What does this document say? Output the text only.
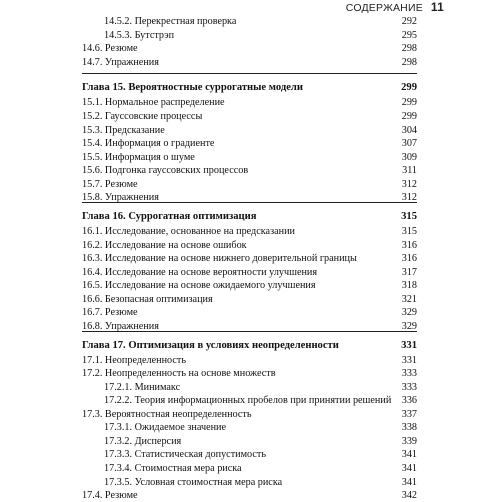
СОДЕРЖАНИЕ 11
14.5.2. Перекрестная проверка	292
14.5.3. Бутстрэп	295
14.6. Резюме	298
14.7. Упражнения	298
Глава 15. Вероятностные суррогатные модели	299
15.1. Нормальное распределение	299
15.2. Гауссовские процессы	299
15.3. Предсказание	304
15.4. Информация о градиенте	307
15.5. Информация о шуме	309
15.6. Подгонка гауссовских процессов	311
15.7. Резюме	312
15.8. Упражнения	312
Глава 16. Суррогатная оптимизация	315
16.1. Исследование, основанное на предсказании	315
16.2. Исследование на основе ошибок	316
16.3. Исследование на основе нижнего доверительной границы	316
16.4. Исследование на основе вероятности улучшения	317
16.5. Исследование на основе ожидаемого улучшения	318
16.6. Безопасная оптимизация	321
16.7. Резюме	329
16.8. Упражнения	329
Глава 17. Оптимизация в условиях неопределенности	331
17.1. Неопределенность	331
17.2. Неопределенность на основе множеств	333
17.2.1. Минимакс	333
17.2.2. Теория информационных пробелов при принятии решений 336
17.3. Вероятностная неопределенность	337
17.3.1. Ожидаемое значение	338
17.3.2. Дисперсия	339
17.3.3. Статистическая допустимость	341
17.3.4. Стоимостная мера риска	341
17.3.5. Условная стоимостная мера риска	341
17.4. Резюме	342
